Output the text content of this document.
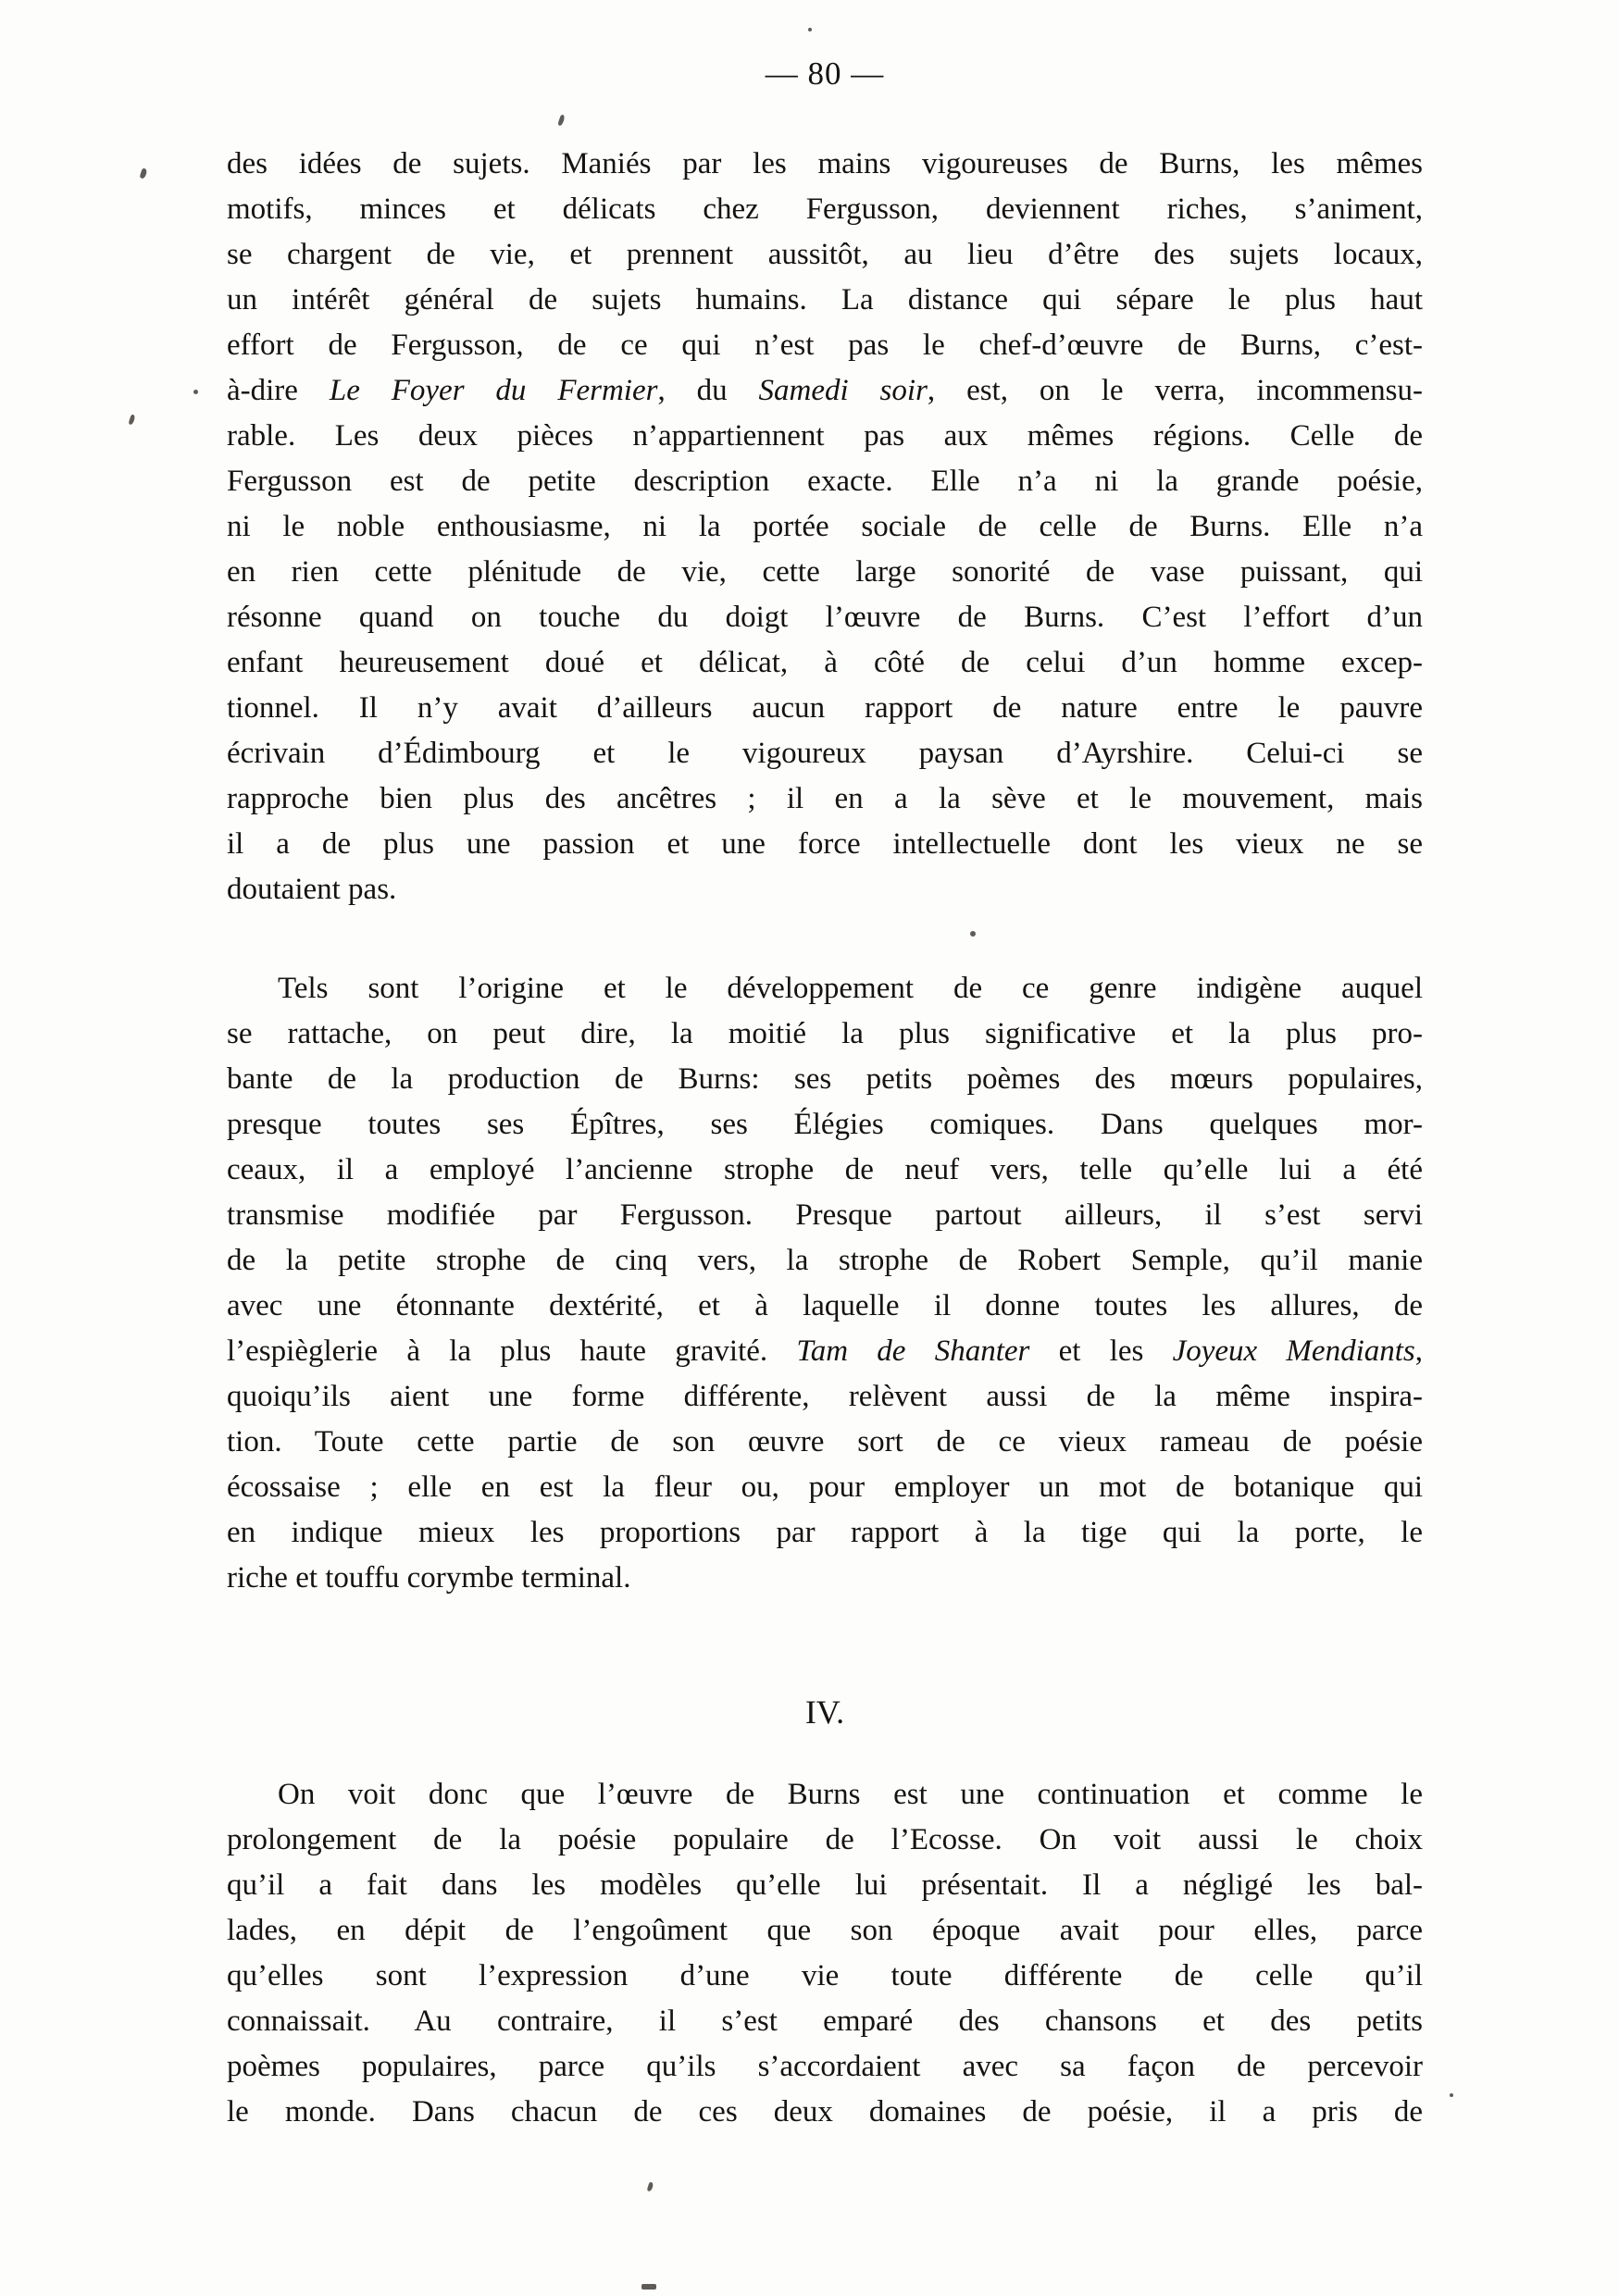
— 80 —
des idées de sujets. Maniés par les mains vigoureuses de Burns, les mêmes
motifs, minces et délicats chez Fergusson, deviennent riches, s’animent,
se chargent de vie, et prennent aussitôt, au lieu d’être des sujets locaux,
un intérêt général de sujets humains. La distance qui sépare le plus haut
effort de Fergusson, de ce qui n’est pas le chef-d’œuvre de Burns, c’est-
à-dire Le Foyer du Fermier, du Samedi soir, est, on le verra, incommensu-
rable. Les deux pièces n’appartiennent pas aux mêmes régions. Celle de
Fergusson est de petite description exacte. Elle n’a ni la grande poésie,
ni le noble enthousiasme, ni la portée sociale de celle de Burns. Elle n’a
en rien cette plénitude de vie, cette large sonorité de vase puissant, qui
résonne quand on touche du doigt l’œuvre de Burns. C’est l’effort d’un
enfant heureusement doué et délicat, à côté de celui d’un homme excep-
tionnel. Il n’y avait d’ailleurs aucun rapport de nature entre le pauvre
écrivain d’Édimbourg et le vigoureux paysan d’Ayrshire. Celui-ci se
rapproche bien plus des ancêtres ; il en a la sève et le mouvement, mais
il a de plus une passion et une force intellectuelle dont les vieux ne se
doutaient pas.
Tels sont l’origine et le développement de ce genre indigène auquel
se rattache, on peut dire, la moitié la plus significative et la plus pro-
bante de la production de Burns: ses petits poèmes des mœurs populaires,
presque toutes ses Épîtres, ses Élégies comiques. Dans quelques mor-
ceaux, il a employé l’ancienne strophe de neuf vers, telle qu’elle lui a été
transmise modifiée par Fergusson. Presque partout ailleurs, il s’est servi
de la petite strophe de cinq vers, la strophe de Robert Semple, qu’il manie
avec une étonnante dextérité, et à laquelle il donne toutes les allures, de
l’espièglerie à la plus haute gravité. Tam de Shanter et les Joyeux Mendiants,
quoiqu’ils aient une forme différente, relèvent aussi de la même inspira-
tion. Toute cette partie de son œuvre sort de ce vieux rameau de poésie
écossaise ; elle en est la fleur ou, pour employer un mot de botanique qui
en indique mieux les proportions par rapport à la tige qui la porte, le
riche et touffu corymbe terminal.
IV.
On voit donc que l’œuvre de Burns est une continuation et comme le
prolongement de la poésie populaire de l’Ecosse. On voit aussi le choix
qu’il a fait dans les modèles qu’elle lui présentait. Il a négligé les bal-
lades, en dépit de l’engoûment que son époque avait pour elles, parce
qu’elles sont l’expression d’une vie toute différente de celle qu’il
connaissait. Au contraire, il s’est emparé des chansons et des petits
poèmes populaires, parce qu’ils s’accordaient avec sa façon de percevoir
le monde. Dans chacun de ces deux domaines de poésie, il a pris de
